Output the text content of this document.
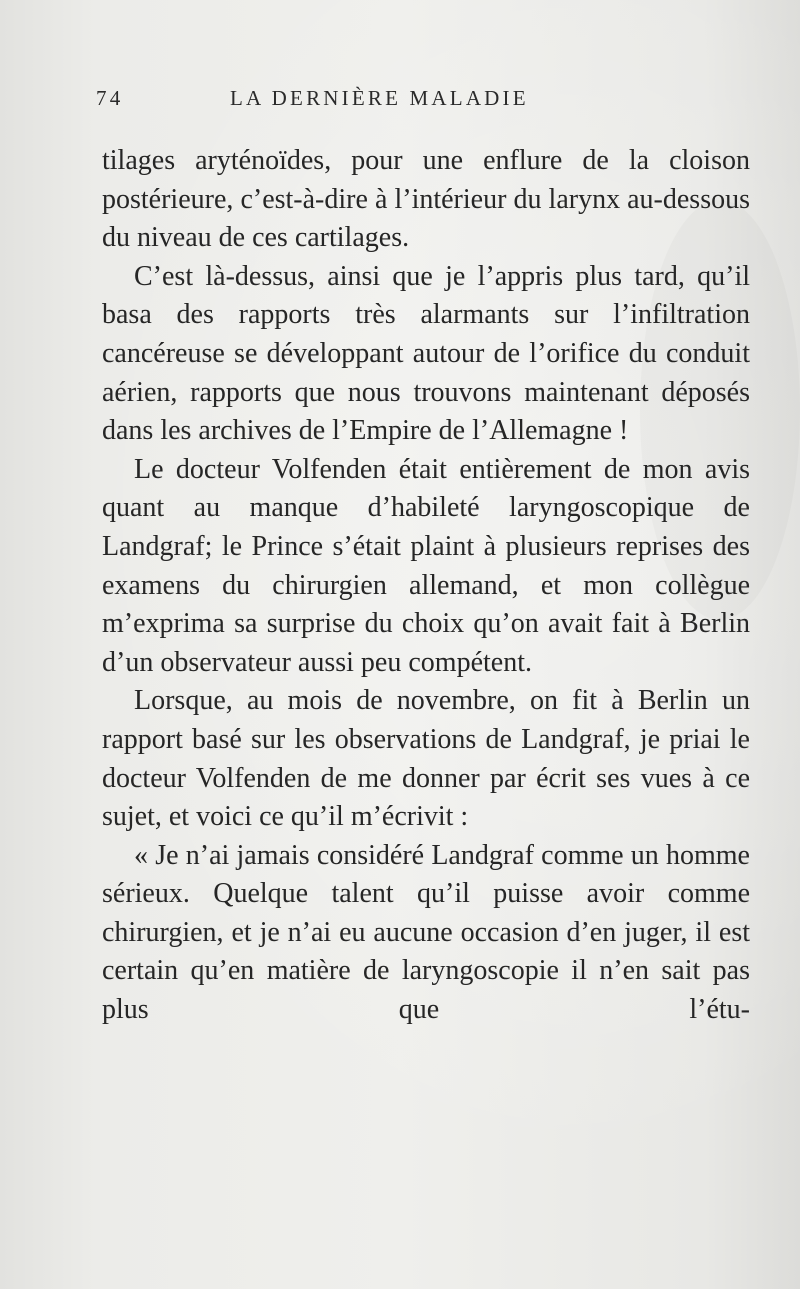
74	LA DERNIÈRE MALADIE

tilages aryténoïdes, pour une enflure de la cloison postérieure, c’est-à-dire à l’intérieur du larynx au-dessous du niveau de ces cartilages.

C’est là-dessus, ainsi que je l’appris plus tard, qu’il basa des rapports très alarmants sur l’infiltration cancéreuse se développant autour de l’orifice du conduit aérien, rapports que nous trouvons maintenant déposés dans les archives de l’Empire de l’Allemagne !

Le docteur Volfenden était entièrement de mon avis quant au manque d’habileté laryngoscopique de Landgraf; le Prince s’était plaint à plusieurs reprises des examens du chirurgien allemand, et mon collègue m’exprima sa surprise du choix qu’on avait fait à Berlin d’un observateur aussi peu compétent.

Lorsque, au mois de novembre, on fit à Berlin un rapport basé sur les observations de Landgraf, je priai le docteur Volfenden de me donner par écrit ses vues à ce sujet, et voici ce qu’il m’écrivit :

« Je n’ai jamais considéré Landgraf comme un homme sérieux. Quelque talent qu’il puisse avoir comme chirurgien, et je n’ai eu aucune occasion d’en juger, il est certain qu’en matière de laryngoscopie il n’en sait pas plus que l’étu-
